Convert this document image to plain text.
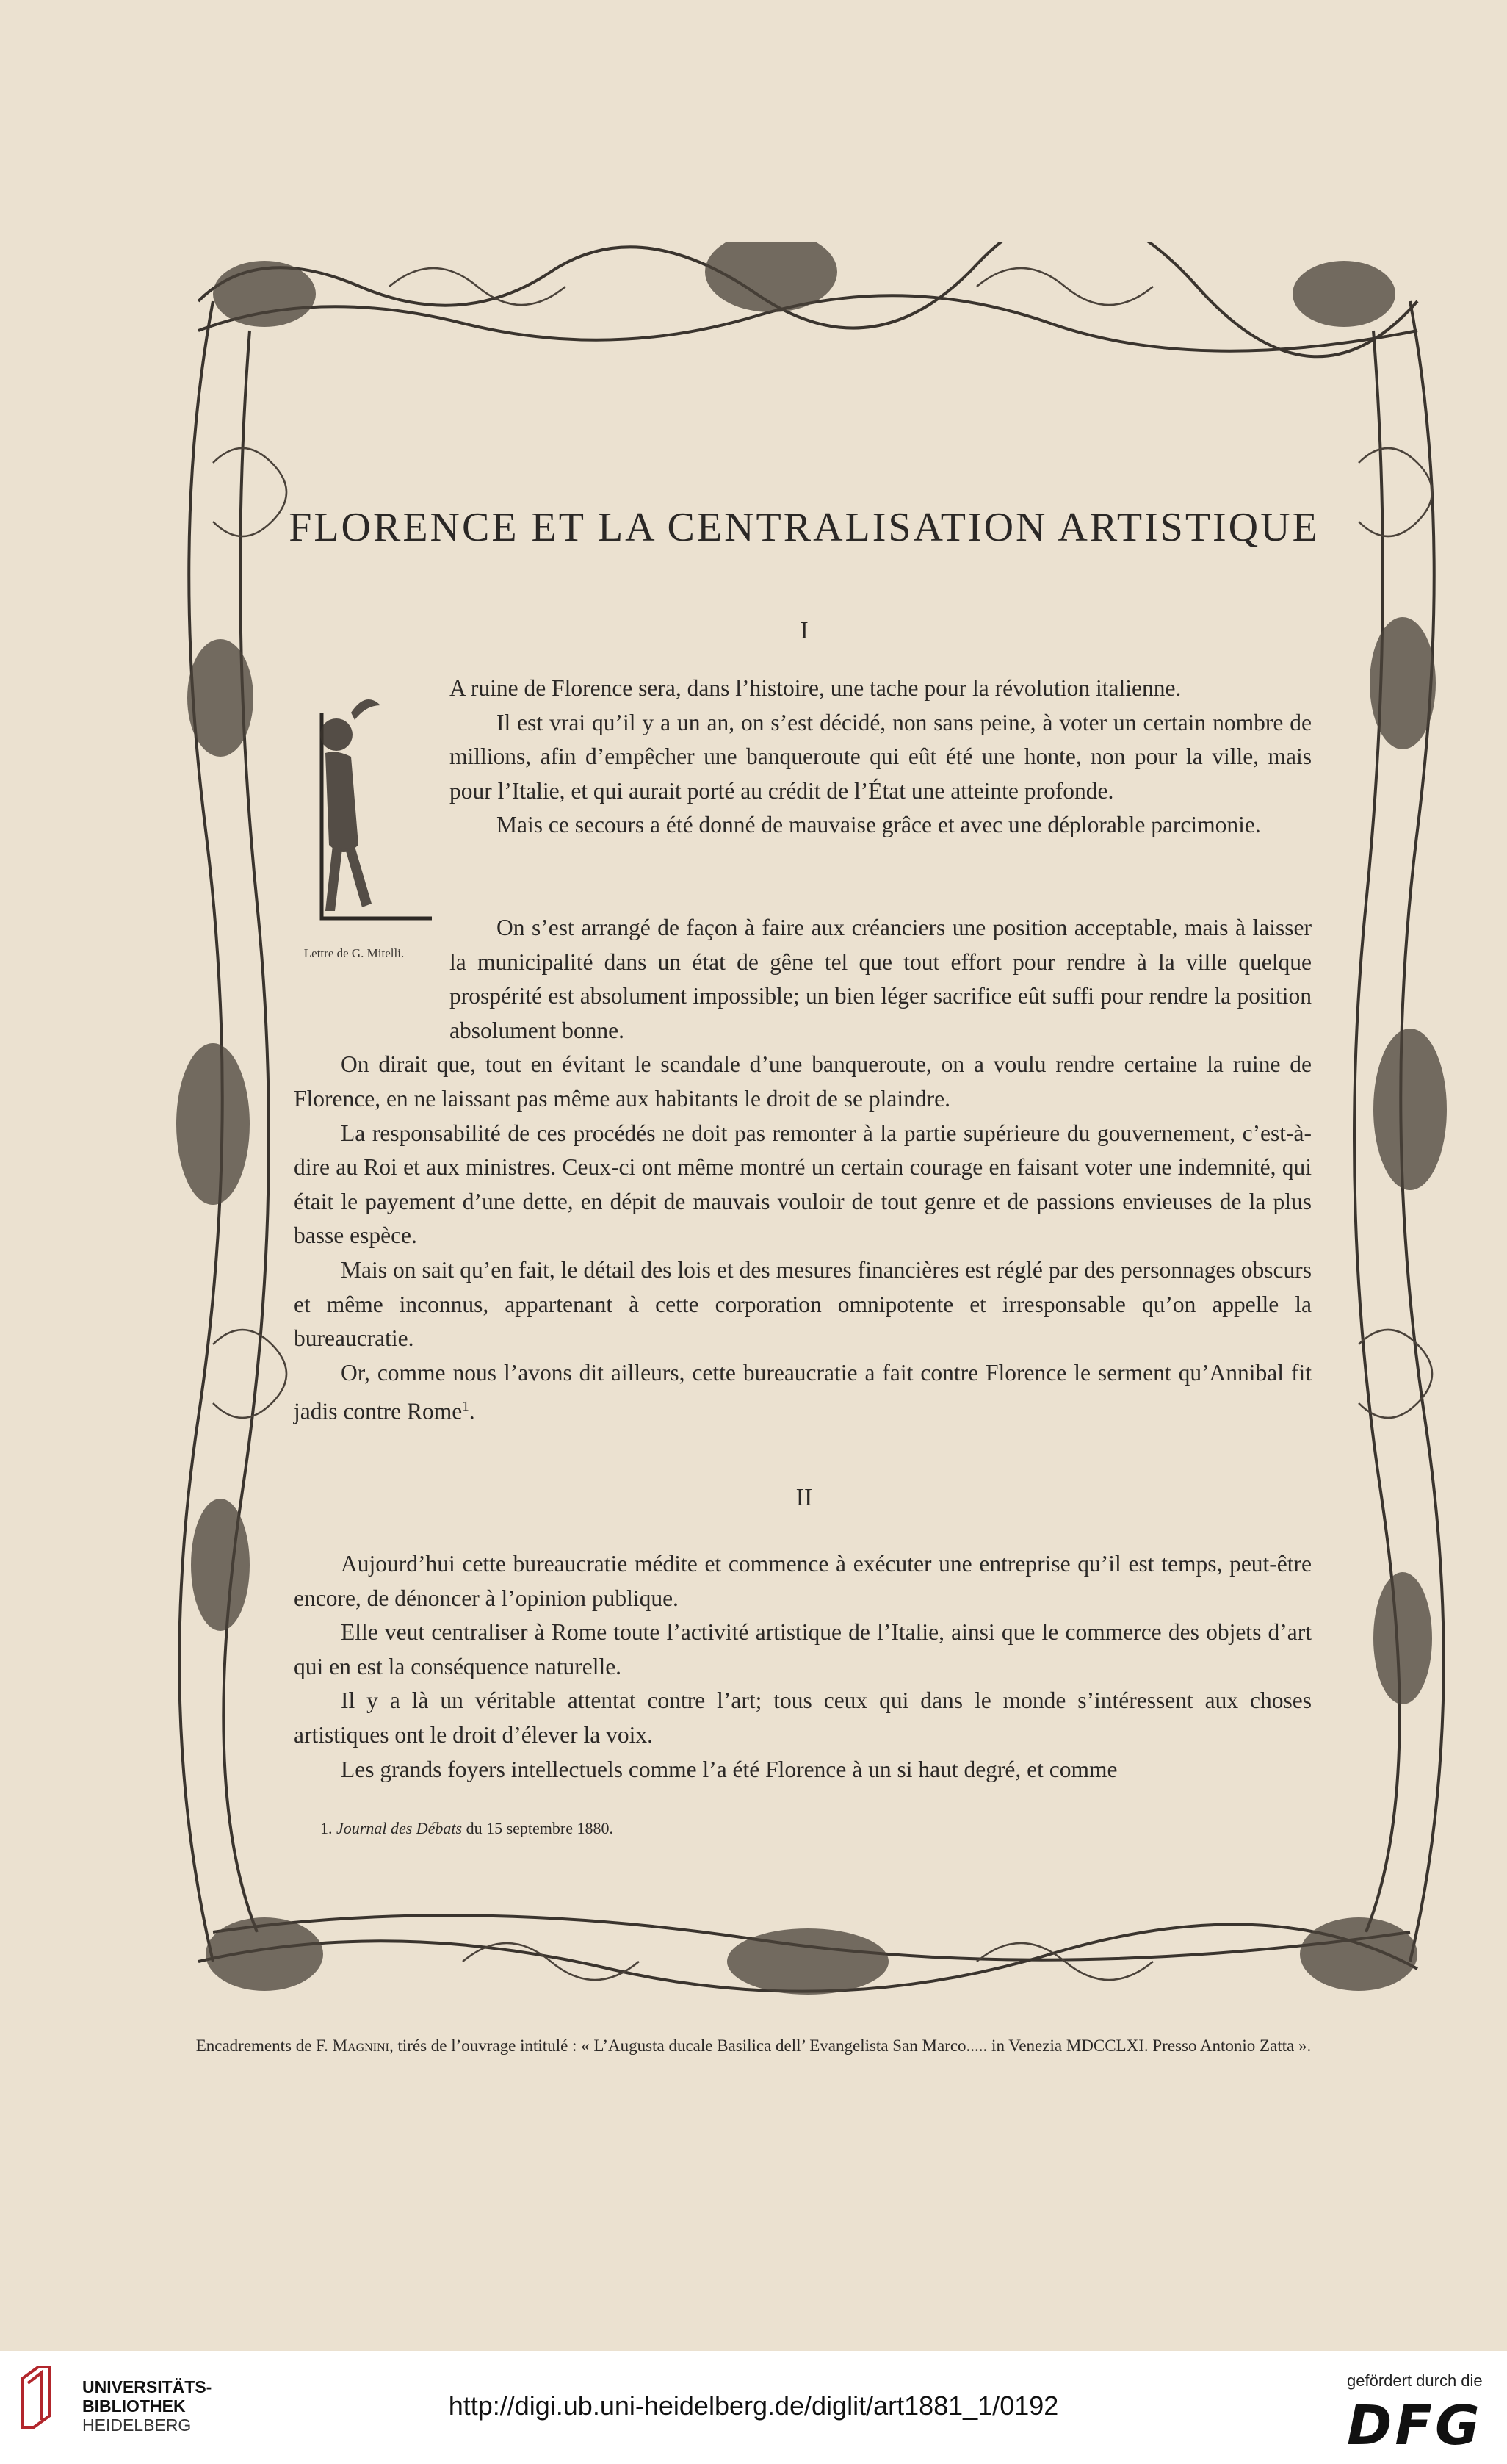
FLORENCE ET LA CENTRALISATION ARTISTIQUE
I
Lettre de G. Mitelli.

A ruine de Florence sera, dans l’histoire, une tache pour la révolution italienne.

Il est vrai qu’il y a un an, on s’est décidé, non sans peine, à voter un certain nombre de millions, afin d’empêcher une banqueroute qui eût été une honte, non pour la ville, mais pour l’Italie, et qui aurait porté au crédit de l’État une atteinte profonde.

Mais ce secours a été donné de mauvaise grâce et avec une déplorable parcimonie.

On s’est arrangé de façon à faire aux créanciers une position acceptable, mais à laisser la municipalité dans un état de gêne tel que tout effort pour rendre à la ville quelque prospérité est absolument impossible; un bien léger sacrifice eût suffi pour rendre la position absolument bonne.

On dirait que, tout en évitant le scandale d’une banqueroute, on a voulu rendre certaine la ruine de Florence, en ne laissant pas même aux habitants le droit de se plaindre.

La responsabilité de ces procédés ne doit pas remonter à la partie supérieure du gouvernement, c’est-à-dire au Roi et aux ministres. Ceux-ci ont même montré un certain courage en faisant voter une indemnité, qui était le payement d’une dette, en dépit de mauvais vouloir de tout genre et de passions envieuses de la plus basse espèce.

Mais on sait qu’en fait, le détail des lois et des mesures financières est réglé par des personnages obscurs et même inconnus, appartenant à cette corporation omnipotente et irresponsable qu’on appelle la bureaucratie.

Or, comme nous l’avons dit ailleurs, cette bureaucratie a fait contre Florence le serment qu’Annibal fit jadis contre Rome$^1$.

II

Aujourd’hui cette bureaucratie médite et commence à exécuter une entreprise qu’il est temps, peut-être encore, de dénoncer à l’opinion publique.

Elle veut centraliser à Rome toute l’activité artistique de l’Italie, ainsi que le commerce des objets d’art qui en est la conséquence naturelle.

Il y a là un véritable attentat contre l’art; tous ceux qui dans le monde s’intéressent aux choses artistiques ont le droit d’élever la voix.

Les grands foyers intellectuels comme l’a été Florence à un si haut degré, et comme

1. Journal des Débats du 15 septembre 1880.
Encadrements de F. Magnini, tirés de l’ouvrage intitulé : « L’Augusta ducale Basilica dell’ Evangelista San Marco..... in Venezia MDCCLXI. Presso Antonio Zatta ».
UNIVERSITÄTS-
BIBLIOTHEK
HEIDELBERG
http://digi.ub.uni-heidelberg.de/diglit/art1881_1/0192
gefördert durch die
DFG
